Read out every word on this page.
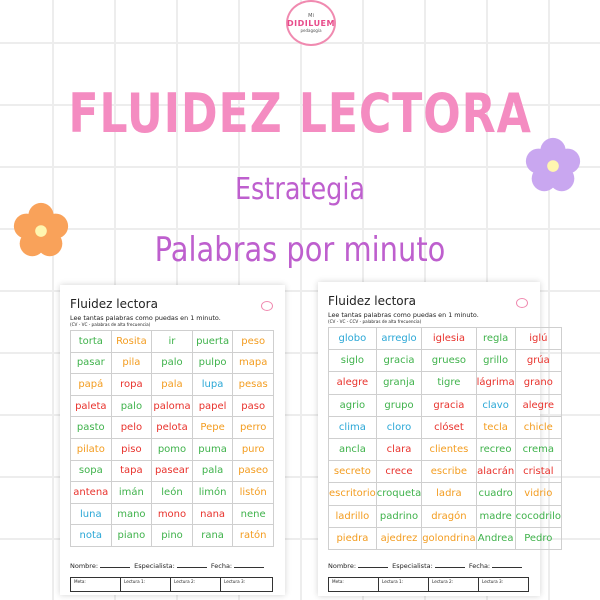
Mi
DIDILUEM
pedagogía
FLUIDEZ LECTORA
Estrategia
Palabras por minuto
Fluidez lectora
Lee tantas palabras como puedas en 1 minuto.
(CV - VC - palabras de alta frecuencia)
torta	Rosita	ir	puerta	peso
pasar	pila	palo	pulpo	mapa
papá	ropa	pala	lupa	pesas
paleta	palo	paloma	papel	paso
pasto	pelo	pelota	Pepe	perro
pilato	piso	pomo	puma	puro
sopa	tapa	pasear	pala	paseo
antena	imán	león	limón	listón
luna	mano	mono	nana	nene
nota	piano	pino	rana	ratón
Nombre:	Especialista:	Fecha:
Meta:	Lectura 1:	Lectura 2:	Lectura 3:
Fluidez lectora
Lee tantas palabras como puedas en 1 minuto.
(CV - VC - CCV - palabras de alta frecuencia)
globo	arreglo	iglesia	regla	iglú
siglo	gracia	grueso	grillo	grúa
alegre	granja	tigre	lágrima	grano
agrio	grupo	gracia	clavo	alegre
clima	cloro	clóset	tecla	chicle
ancla	clara	clientes	recreo	crema
secreto	crece	escribe	alacrán	cristal
escritorio	croqueta	ladra	cuadro	vidrio
ladrillo	padrino	dragón	madre	cocodrilo
piedra	ajedrez	golondrina	Andrea	Pedro
Nombre:	Especialista:	Fecha:
Meta:	Lectura 1:	Lectura 2:	Lectura 3:
